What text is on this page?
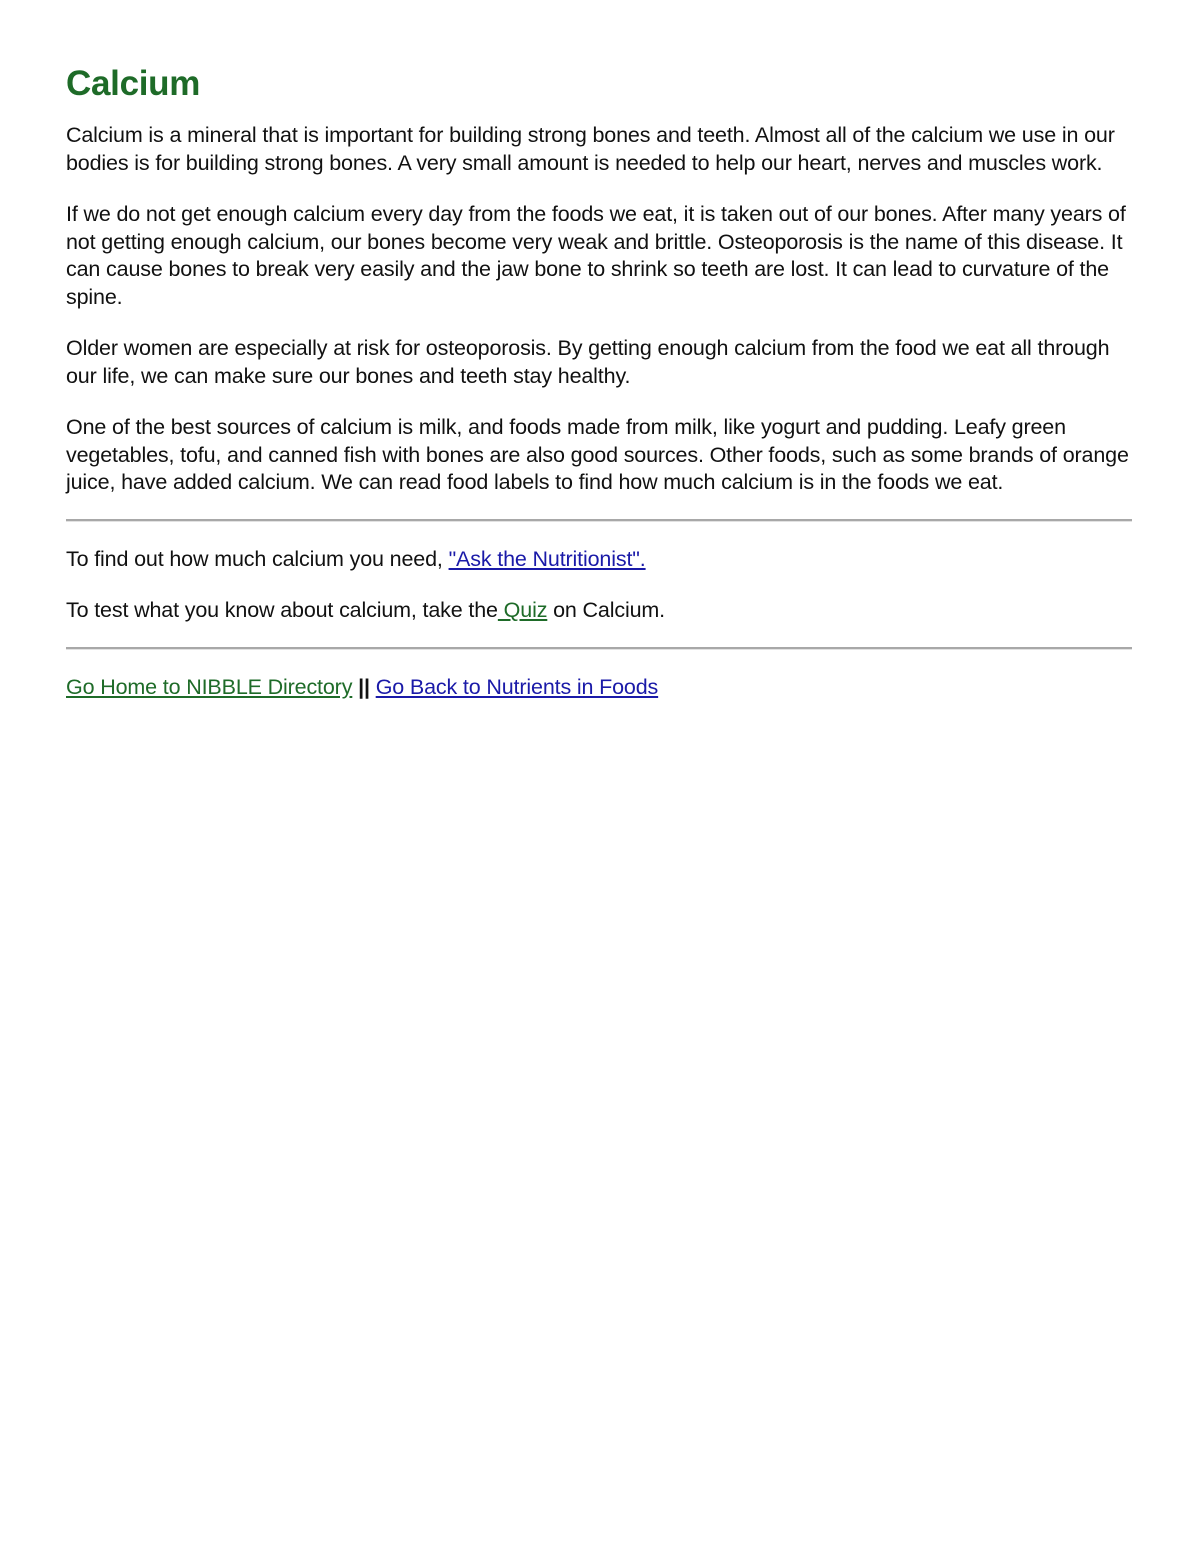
Calcium

Calcium is a mineral that is important for building strong bones and teeth. Almost all of the calcium we use in our bodies is for building strong bones. A very small amount is needed to help our heart, nerves and muscles work.

If we do not get enough calcium every day from the foods we eat, it is taken out of our bones. After many years of not getting enough calcium, our bones become very weak and brittle. Osteoporosis is the name of this disease. It can cause bones to break very easily and the jaw bone to shrink so teeth are lost. It can lead to curvature of the spine.

Older women are especially at risk for osteoporosis. By getting enough calcium from the food we eat all through our life, we can make sure our bones and teeth stay healthy.

One of the best sources of calcium is milk, and foods made from milk, like yogurt and pudding. Leafy green vegetables, tofu, and canned fish with bones are also good sources. Other foods, such as some brands of orange juice, have added calcium. We can read food labels to find how much calcium is in the foods we eat.

To find out how much calcium you need, "Ask the Nutritionist".

To test what you know about calcium, take the Quiz on Calcium.

Go Home to NIBBLE Directory || Go Back to Nutrients in Foods
